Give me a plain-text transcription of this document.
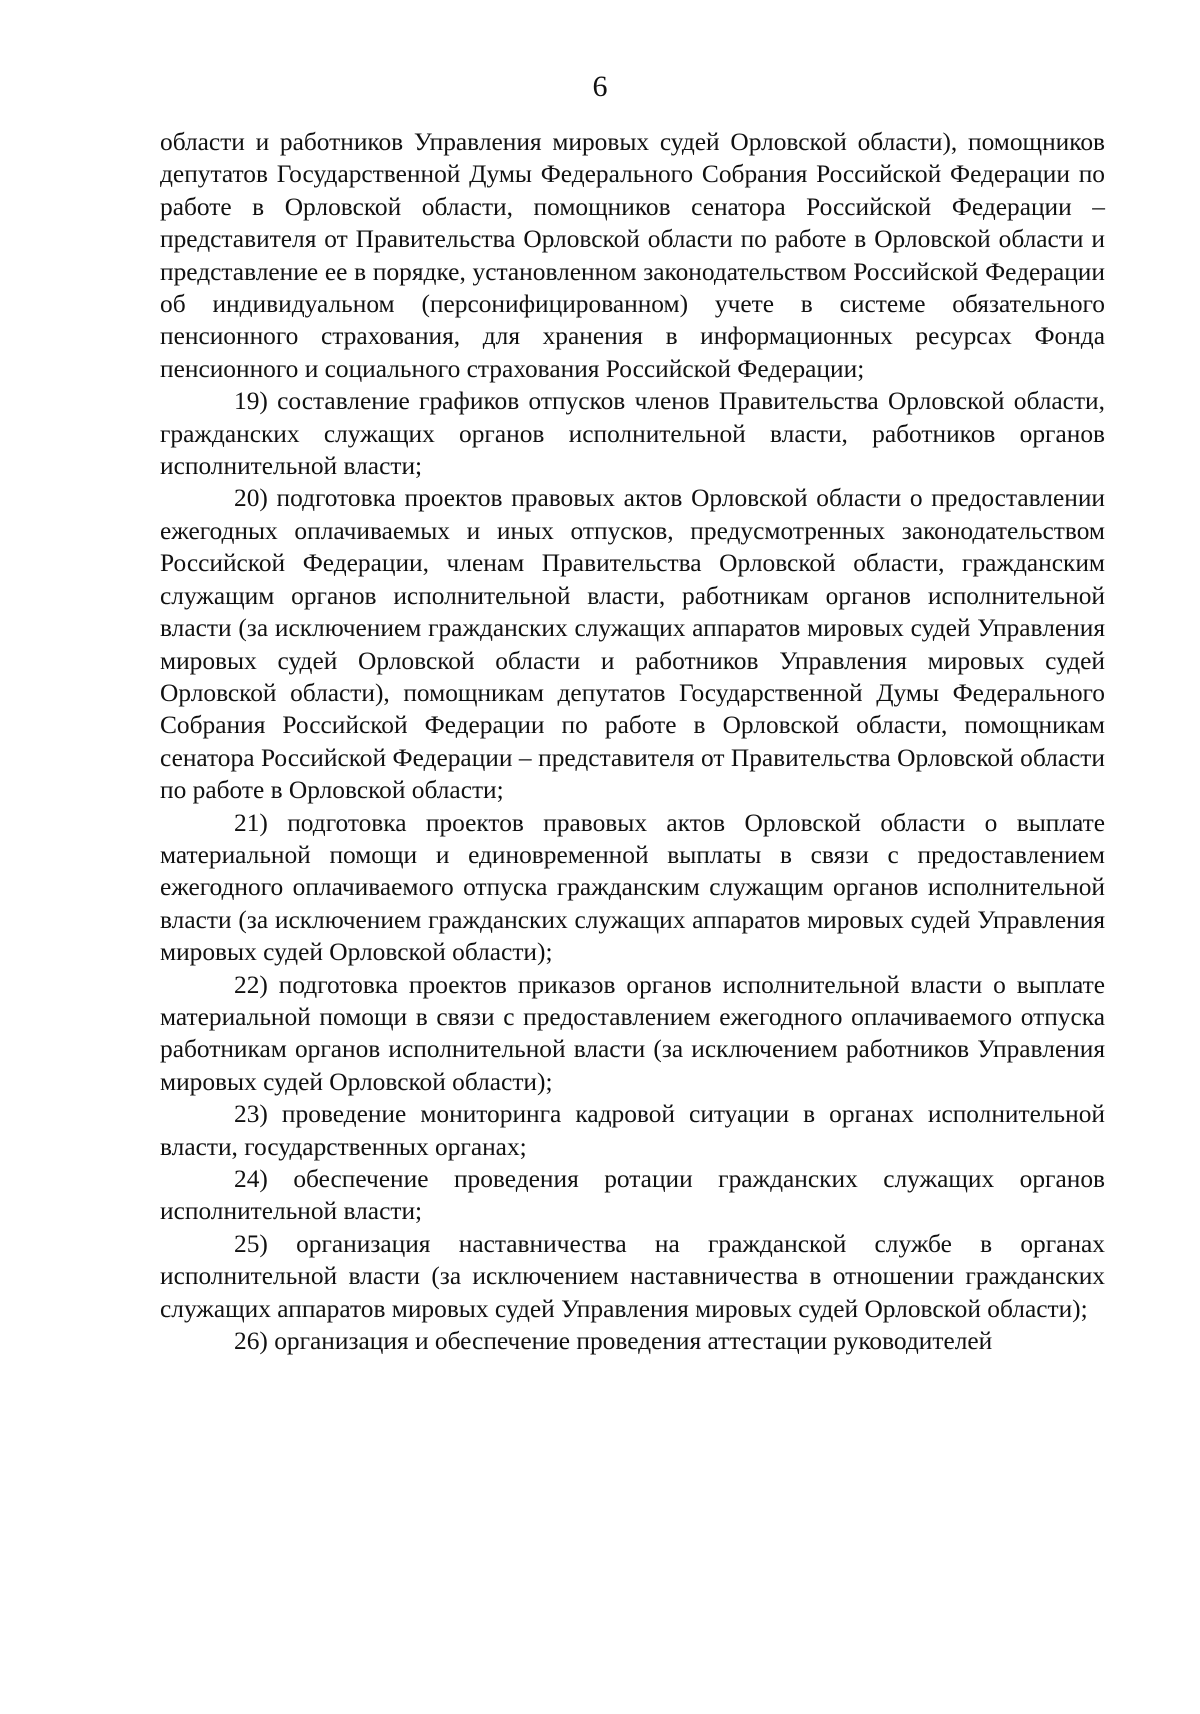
6

области и работников Управления мировых судей Орловской области), помощников депутатов Государственной Думы Федерального Собрания Российской Федерации по работе в Орловской области, помощников сенатора Российской Федерации – представителя от Правительства Орловской области по работе в Орловской области и представление ее в порядке, установленном законодательством Российской Федерации об индивидуальном (персонифицированном) учете в системе обязательного пенсионного страхования, для хранения в информационных ресурсах Фонда пенсионного и социального страхования Российской Федерации;

19) составление графиков отпусков членов Правительства Орловской области, гражданских служащих органов исполнительной власти, работников органов исполнительной власти;

20) подготовка проектов правовых актов Орловской области о предоставлении ежегодных оплачиваемых и иных отпусков, предусмотренных законодательством Российской Федерации, членам Правительства Орловской области, гражданским служащим органов исполнительной власти, работникам органов исполнительной власти (за исключением гражданских служащих аппаратов мировых судей Управления мировых судей Орловской области и работников Управления мировых судей Орловской области), помощникам депутатов Государственной Думы Федерального Собрания Российской Федерации по работе в Орловской области, помощникам сенатора Российской Федерации – представителя от Правительства Орловской области по работе в Орловской области;

21) подготовка проектов правовых актов Орловской области о выплате материальной помощи и единовременной выплаты в связи с предоставлением ежегодного оплачиваемого отпуска гражданским служащим органов исполнительной власти (за исключением гражданских служащих аппаратов мировых судей Управления мировых судей Орловской области);

22) подготовка проектов приказов органов исполнительной власти о выплате материальной помощи в связи с предоставлением ежегодного оплачиваемого отпуска работникам органов исполнительной власти (за исключением работников Управления мировых судей Орловской области);

23) проведение мониторинга кадровой ситуации в органах исполнительной власти, государственных органах;

24) обеспечение проведения ротации гражданских служащих органов исполнительной власти;

25) организация наставничества на гражданской службе в органах исполнительной власти (за исключением наставничества в отношении гражданских служащих аппаратов мировых судей Управления мировых судей Орловской области);

26) организация и обеспечение проведения аттестации руководителей
